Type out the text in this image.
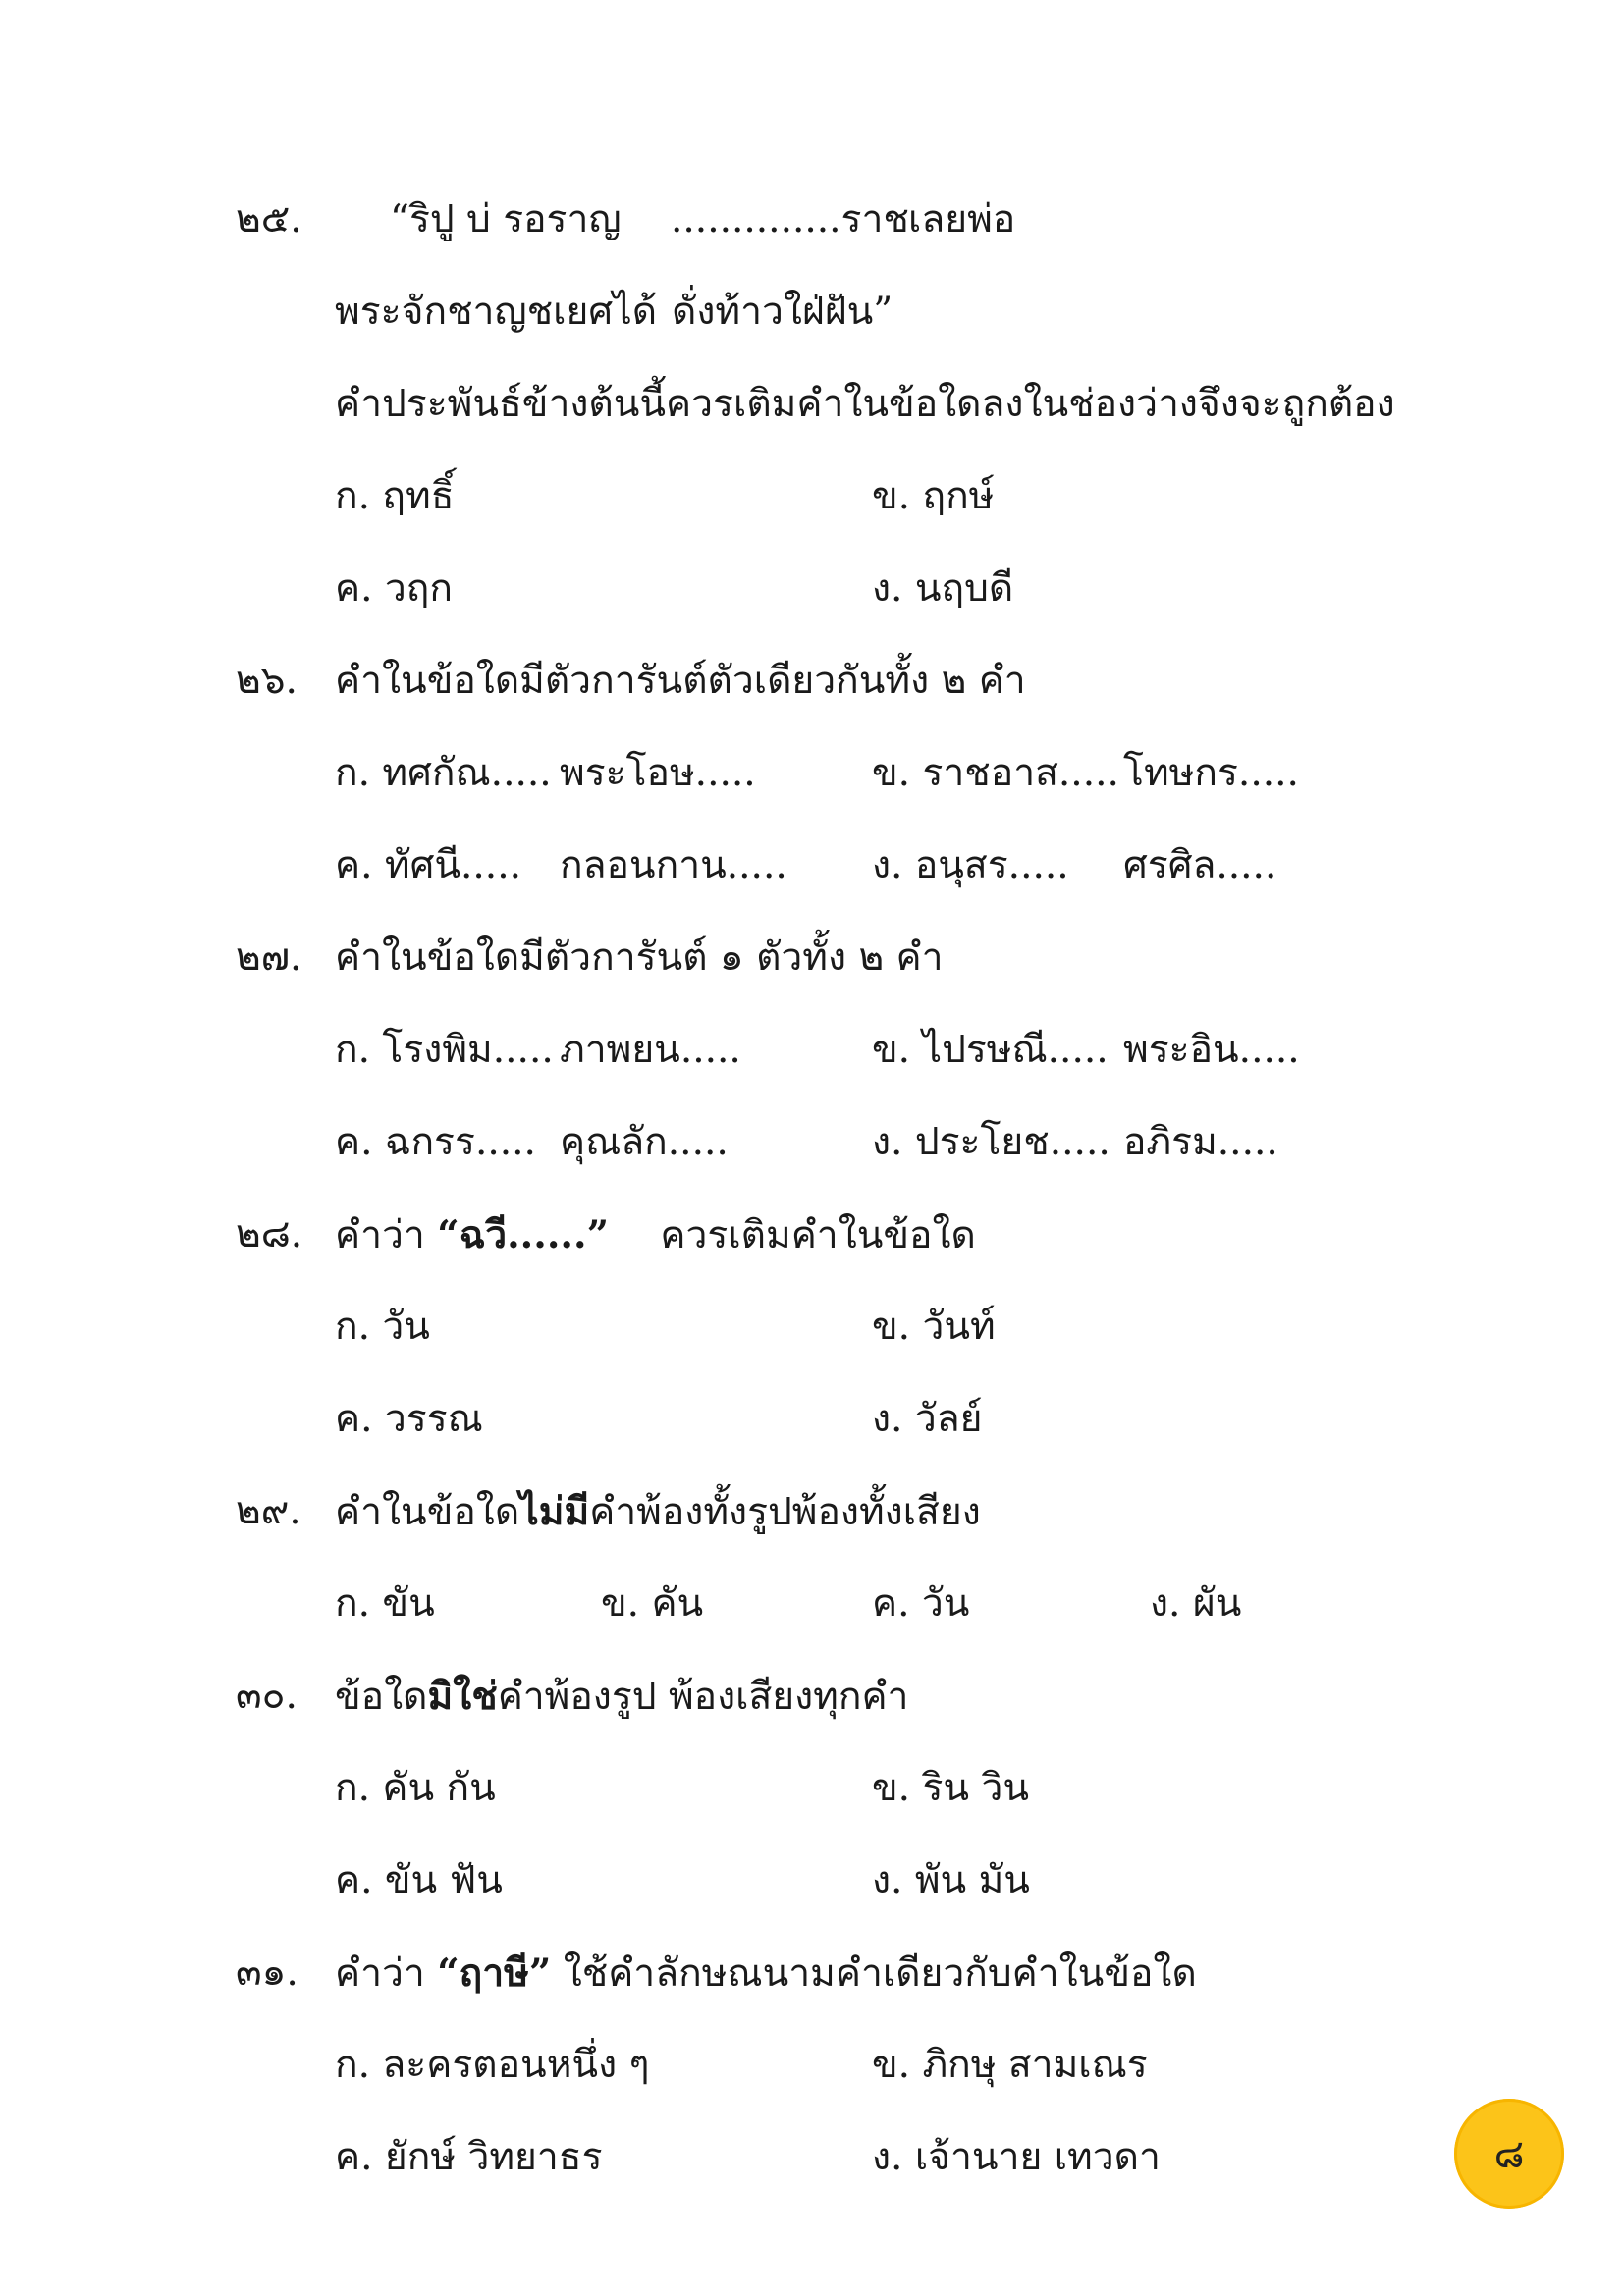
๒๕. “ริปู บ่ รอราญ ..............ราช เลยพ่อ
พระจักชาญชเยศได้ ดั่งท้าวใฝ่ฝัน”
คำประพันธ์ข้างต้นนี้ควรเติมคำในข้อใดลงในช่องว่างจึงจะถูกต้อง
ก. ฤทธิ์	ข. ฤกษ์
ค. วฤก	ง. นฤบดี
๒๖. คำในข้อใดมีตัวการันต์ตัวเดียวกันทั้ง ๒ คำ
ก. ทศกัณ..... พระโอษ.....	ข. ราชอาส..... โทษกร.....
ค. ทัศนี..... กลอนกาน..... ง. อนุสร..... ศรศิล.....
๒๗. คำในข้อใดมีตัวการันต์ ๑ ตัวทั้ง ๒ คำ
ก. โรงพิม..... ภาพยน.....	ข. ไปรษณี..... พระอิน.....
ค. ฉกรร..... คุณลัก.....	ง. ประโยช..... อภิรม.....
๒๘. คำว่า “ฉวี......” ควรเติมคำในข้อใด
ก. วัน	ข. วันท์
ค. วรรณ	ง. วัลย์
๒๙. คำในข้อใดไม่มีคำพ้องทั้งรูปพ้องทั้งเสียง
ก. ขัน	ข. คัน	ค. วัน	ง. ผัน
๓๐. ข้อใดมิใช่คำพ้องรูป พ้องเสียงทุกคำ
ก. คัน กัน	ข. ริน วิน
ค. ขัน ฟัน	ง. พัน มัน
๓๑. คำว่า “ฤาษี” ใช้คำลักษณนามคำเดียวกับคำในข้อใด
ก. ละครตอนหนึ่ง ๆ	ข. ภิกษุ สามเณร
ค. ยักษ์ วิทยาธร	ง. เจ้านาย เทวดา	๘
